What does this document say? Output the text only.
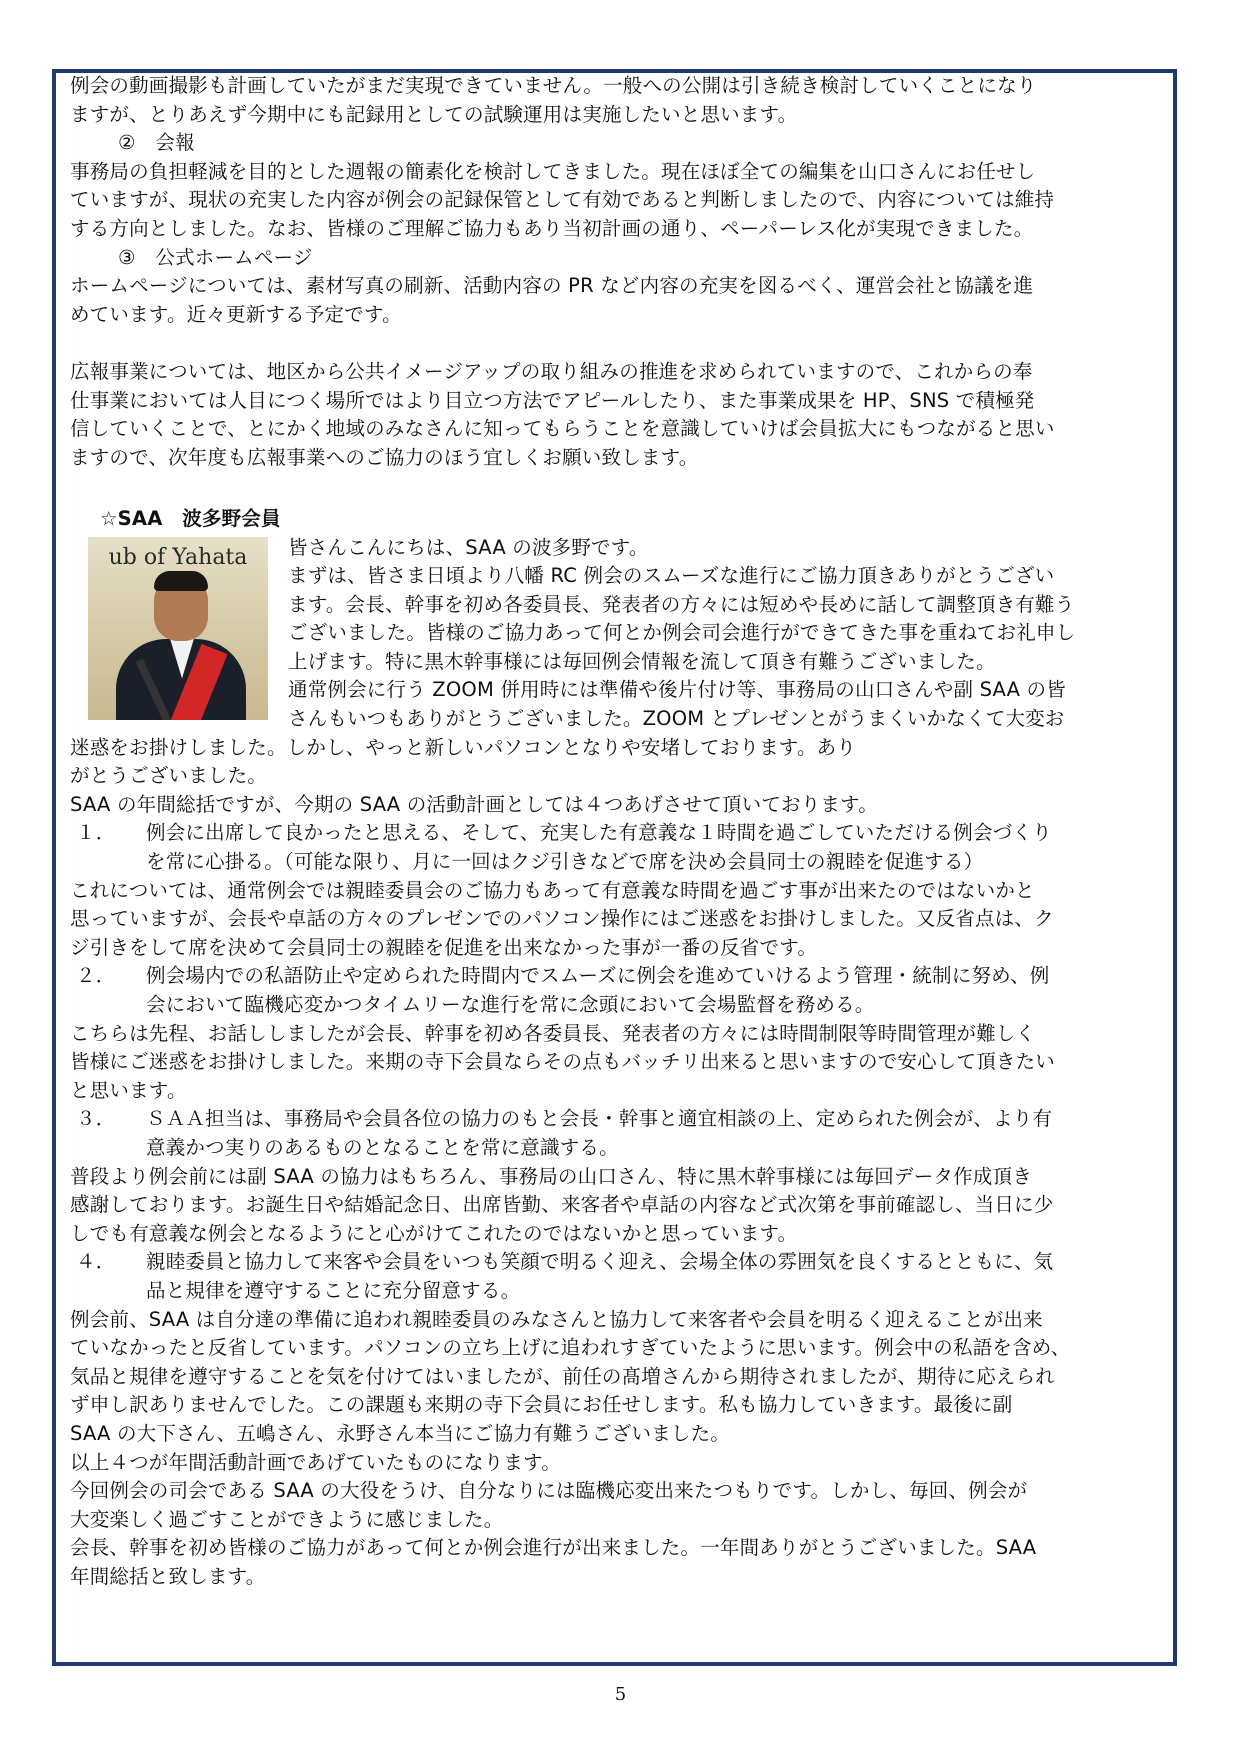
例会の動画撮影も計画していたがまだ実現できていません。一般への公開は引き続き検討していくことになり

ますが、とりあえず今期中にも記録用としての試験運用は実施したいと思います。

②　会報

事務局の負担軽減を目的とした週報の簡素化を検討してきました。現在ほぼ全ての編集を山口さんにお任せし

ていますが、現状の充実した内容が例会の記録保管として有効であると判断しましたので、内容については維持

する方向としました。なお、皆様のご理解ご協力もあり当初計画の通り、ペーパーレス化が実現できました。

③　公式ホームページ

ホームページについては、素材写真の刷新、活動内容の PR など内容の充実を図るべく、運営会社と協議を進

めています。近々更新する予定です。

広報事業については、地区から公共イメージアップの取り組みの推進を求められていますので、これからの奉

仕事業においては人目につく場所ではより目立つ方法でアピールしたり、また事業成果を HP、SNS で積極発

信していくことで、とにかく地域のみなさんに知ってもらうことを意識していけば会員拡大にもつながると思い

ますので、次年度も広報事業へのご協力のほう宜しくお願い致します。

☆SAA　波多野会員

ub of Yahata	皆さんこんにちは、SAA の波多野です。

まずは、皆さま日頃より八幡 RC 例会のスムーズな進行にご協力頂きありがとうござい

ます。会長、幹事を初め各委員長、発表者の方々には短めや長めに話して調整頂き有難う

ございました。皆様のご協力あって何とか例会司会進行ができてきた事を重ねてお礼申し

上げます。特に黒木幹事様には毎回例会情報を流して頂き有難うございました。

通常例会に行う ZOOM 併用時には準備や後片付け等、事務局の山口さんや副 SAA の皆

さんもいつもありがとうございました。ZOOM とプレゼンとがうまくいかなくて大変お

迷惑をお掛けしました。しかし、やっと新しいパソコンとなりや安堵しております。あり

がとうございました。

SAA の年間総括ですが、今期の SAA の活動計画としては４つあげさせて頂いております。

１． 例会に出席して良かったと思える、そして、充実した有意義な１時間を過ごしていただける例会づくり

を常に心掛る。（可能な限り、月に一回はクジ引きなどで席を決め会員同士の親睦を促進する）

これについては、通常例会では親睦委員会のご協力もあって有意義な時間を過ごす事が出来たのではないかと

思っていますが、会長や卓話の方々のプレゼンでのパソコン操作にはご迷惑をお掛けしました。又反省点は、ク

ジ引きをして席を決めて会員同士の親睦を促進を出来なかった事が一番の反省です。

２． 例会場内での私語防止や定められた時間内でスムーズに例会を進めていけるよう管理・統制に努め、例

会において臨機応変かつタイムリーな進行を常に念頭において会場監督を務める。

こちらは先程、お話ししましたが会長、幹事を初め各委員長、発表者の方々には時間制限等時間管理が難しく

皆様にご迷惑をお掛けしました。来期の寺下会員ならその点もバッチリ出来ると思いますので安心して頂きたい

と思います。

３． ＳＡＡ担当は、事務局や会員各位の協力のもと会長・幹事と適宜相談の上、定められた例会が、より有

意義かつ実りのあるものとなることを常に意識する。

普段より例会前には副 SAA の協力はもちろん、事務局の山口さん、特に黒木幹事様には毎回データ作成頂き

感謝しております。お誕生日や結婚記念日、出席皆勤、来客者や卓話の内容など式次第を事前確認し、当日に少

しでも有意義な例会となるようにと心がけてこれたのではないかと思っています。

４． 親睦委員と協力して来客や会員をいつも笑顔で明るく迎え、会場全体の雰囲気を良くするとともに、気

品と規律を遵守することに充分留意する。

例会前、SAA は自分達の準備に追われ親睦委員のみなさんと協力して来客者や会員を明るく迎えることが出来

ていなかったと反省しています。パソコンの立ち上げに追われすぎていたように思います。例会中の私語を含め、

気品と規律を遵守することを気を付けてはいましたが、前任の髙増さんから期待されましたが、期待に応えられ

ず申し訳ありませんでした。この課題も来期の寺下会員にお任せします。私も協力していきます。最後に副

SAA の大下さん、五嶋さん、永野さん本当にご協力有難うございました。

以上４つが年間活動計画であげていたものになります。

今回例会の司会である SAA の大役をうけ、自分なりには臨機応変出来たつもりです。しかし、毎回、例会が

大変楽しく過ごすことができように感じました。

会長、幹事を初め皆様のご協力があって何とか例会進行が出来ました。一年間ありがとうございました。SAA

年間総括と致します。

5
